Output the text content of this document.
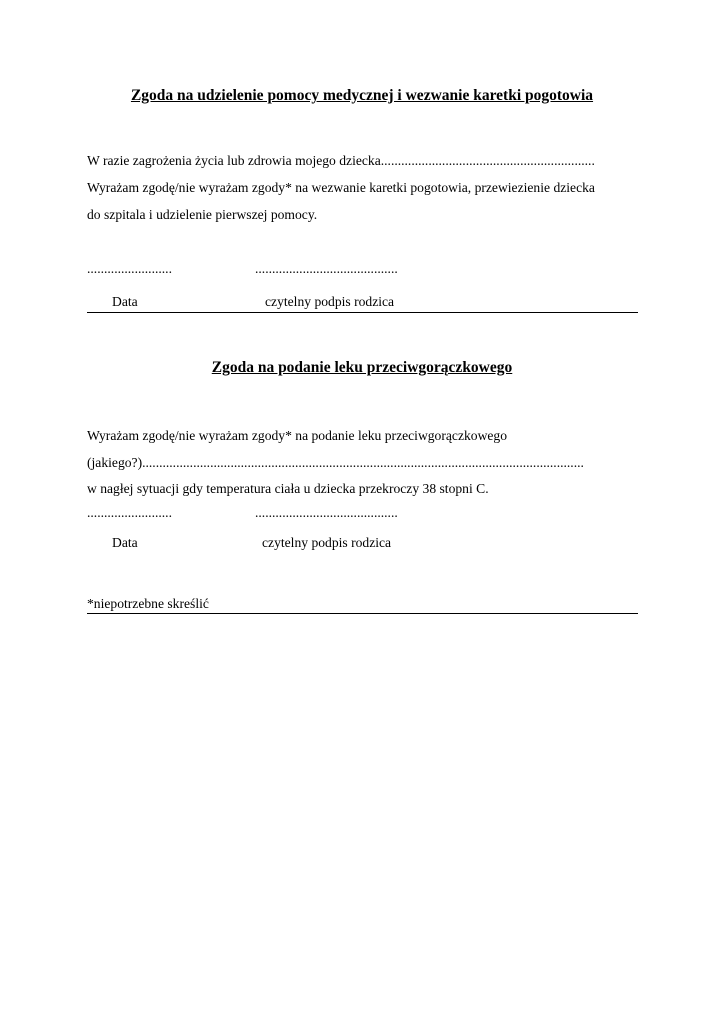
Zgoda na udzielenie pomocy medycznej i wezwanie karetki pogotowia
W razie zagrożenia życia lub zdrowia mojego dziecka...............................................................
Wyrażam zgodę/nie wyrażam zgody* na wezwanie karetki pogotowia, przewiezienie dziecka
do szpitala i udzielenie pierwszej pomocy.
.........................	..........................................
Data	czytelny podpis rodzica
Zgoda na podanie leku przeciwgorączkowego
Wyrażam zgodę/nie wyrażam zgody* na podanie leku przeciwgorączkowego
(jakiego?)..................................................................................................................................
w nagłej sytuacji gdy temperatura ciała u dziecka przekroczy 38 stopni C.
.........................	..........................................
Data	czytelny podpis rodzica
*niepotrzebne skreślić
